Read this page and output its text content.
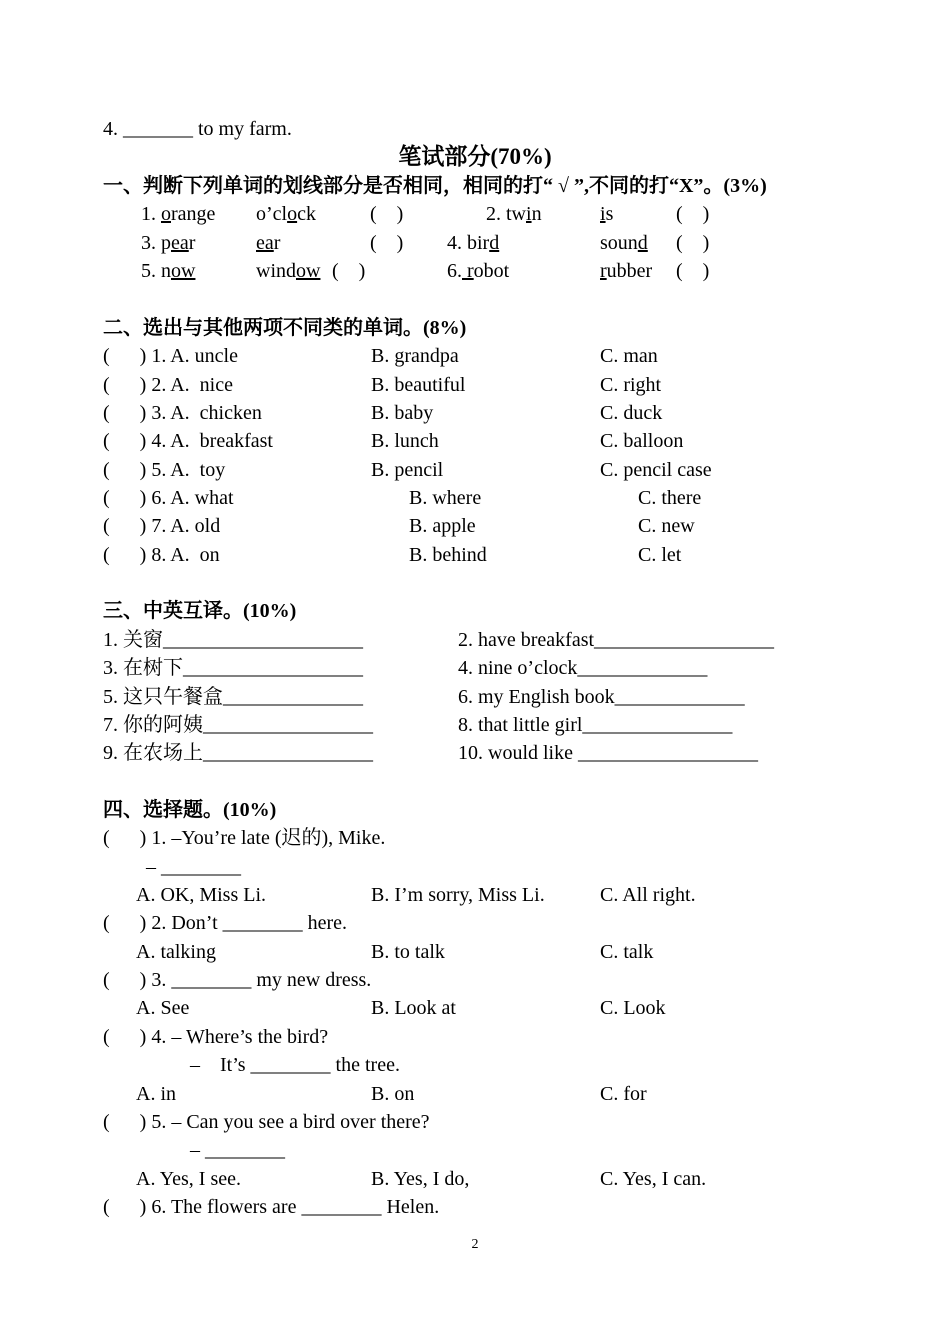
4. _______ to my farm.
笔试部分(70%)
一、判断下列单词的划线部分是否相同，相同的打“ √ ”,不同的打“X”。(3%)
1. orange o’clock	(    )	2. twin	is	(    )
3. pear	ear	(    ) 4. bird	sound (    )
5. now	window (    )	6. robot	rubber (    )
二、选出与其他两项不同类的单词。(8%)
(      ) 1. A. uncle	B. grandpa	C. man
(      ) 2. A.  nice	B. beautiful	C. right
(      ) 3. A.  chicken	B. baby	C. duck
(      ) 4. A.  breakfast	B. lunch	C. balloon
(      ) 5. A.  toy	B. pencil	C. pencil case
(      ) 6. A. what	B. where	C. there
(      ) 7. A. old	B. apple	C. new
(      ) 8. A.  on	B. behind	C. let
三、中英互译。(10%)
1. 关窗____________________	2. have breakfast__________________
3. 在树下__________________	4. nine o’clock_____________
5. 这只午餐盒______________	6. my English book_____________
7. 你的阿姨_________________	8. that little girl_______________
9. 在农场上_________________	10. would like __________________
四、选择题。(10%)
(      ) 1. –You’re late (迟的), Mike.
– ________
A. OK, Miss Li.	B. I’m sorry, Miss Li.	C. All right.
(      ) 2. Don’t ________ here.
A. talking	B. to talk	C. talk
(      ) 3. ________ my new dress.
A. See	B. Look at	C. Look
(      ) 4. – Where’s the bird?
–    It’s ________ the tree.
A. in	B. on	C. for
(      ) 5. – Can you see a bird over there?
– ________
A. Yes, I see.	B. Yes, I do,	C. Yes, I can.
(      ) 6. The flowers are ________ Helen.
2
